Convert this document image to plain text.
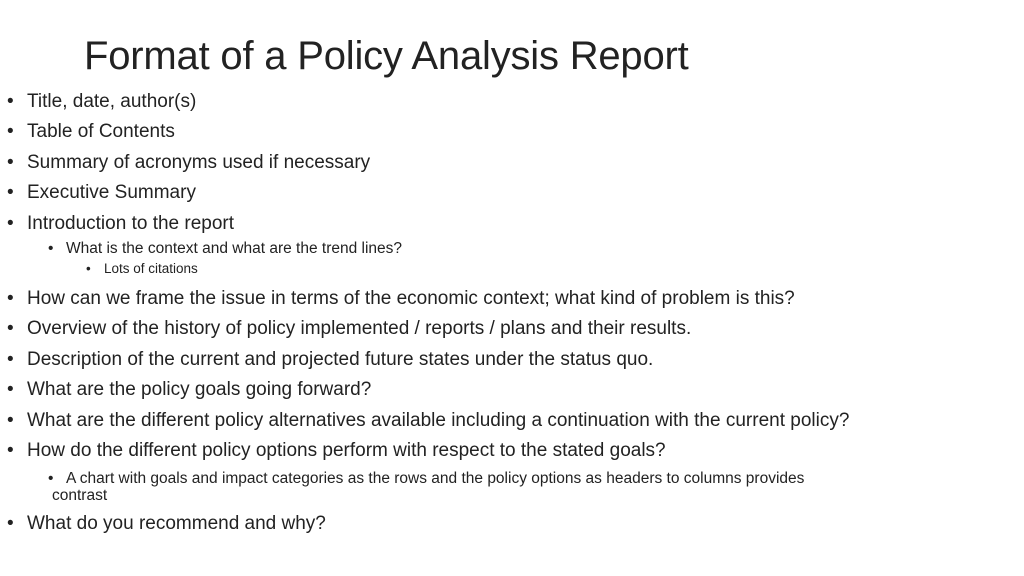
Format of a Policy Analysis Report
• Title, date, author(s)
• Table of Contents
• Summary of acronyms used if necessary
• Executive Summary
• Introduction to the report
• What is the context and what are the trend lines?
• Lots of citations
• How can we frame the issue in terms of the economic context; what kind of problem is this?
• Overview of the history of policy implemented / reports / plans and their results.
• Description of the current and projected future states under the status quo.
• What are the policy goals going forward?
• What are the different policy alternatives available including a continuation with the current policy?
• How do the different policy options perform with respect to the stated goals?
• A chart with goals and impact categories as the rows and the policy options as headers to columns provides
contrast
• What do you recommend and why?
